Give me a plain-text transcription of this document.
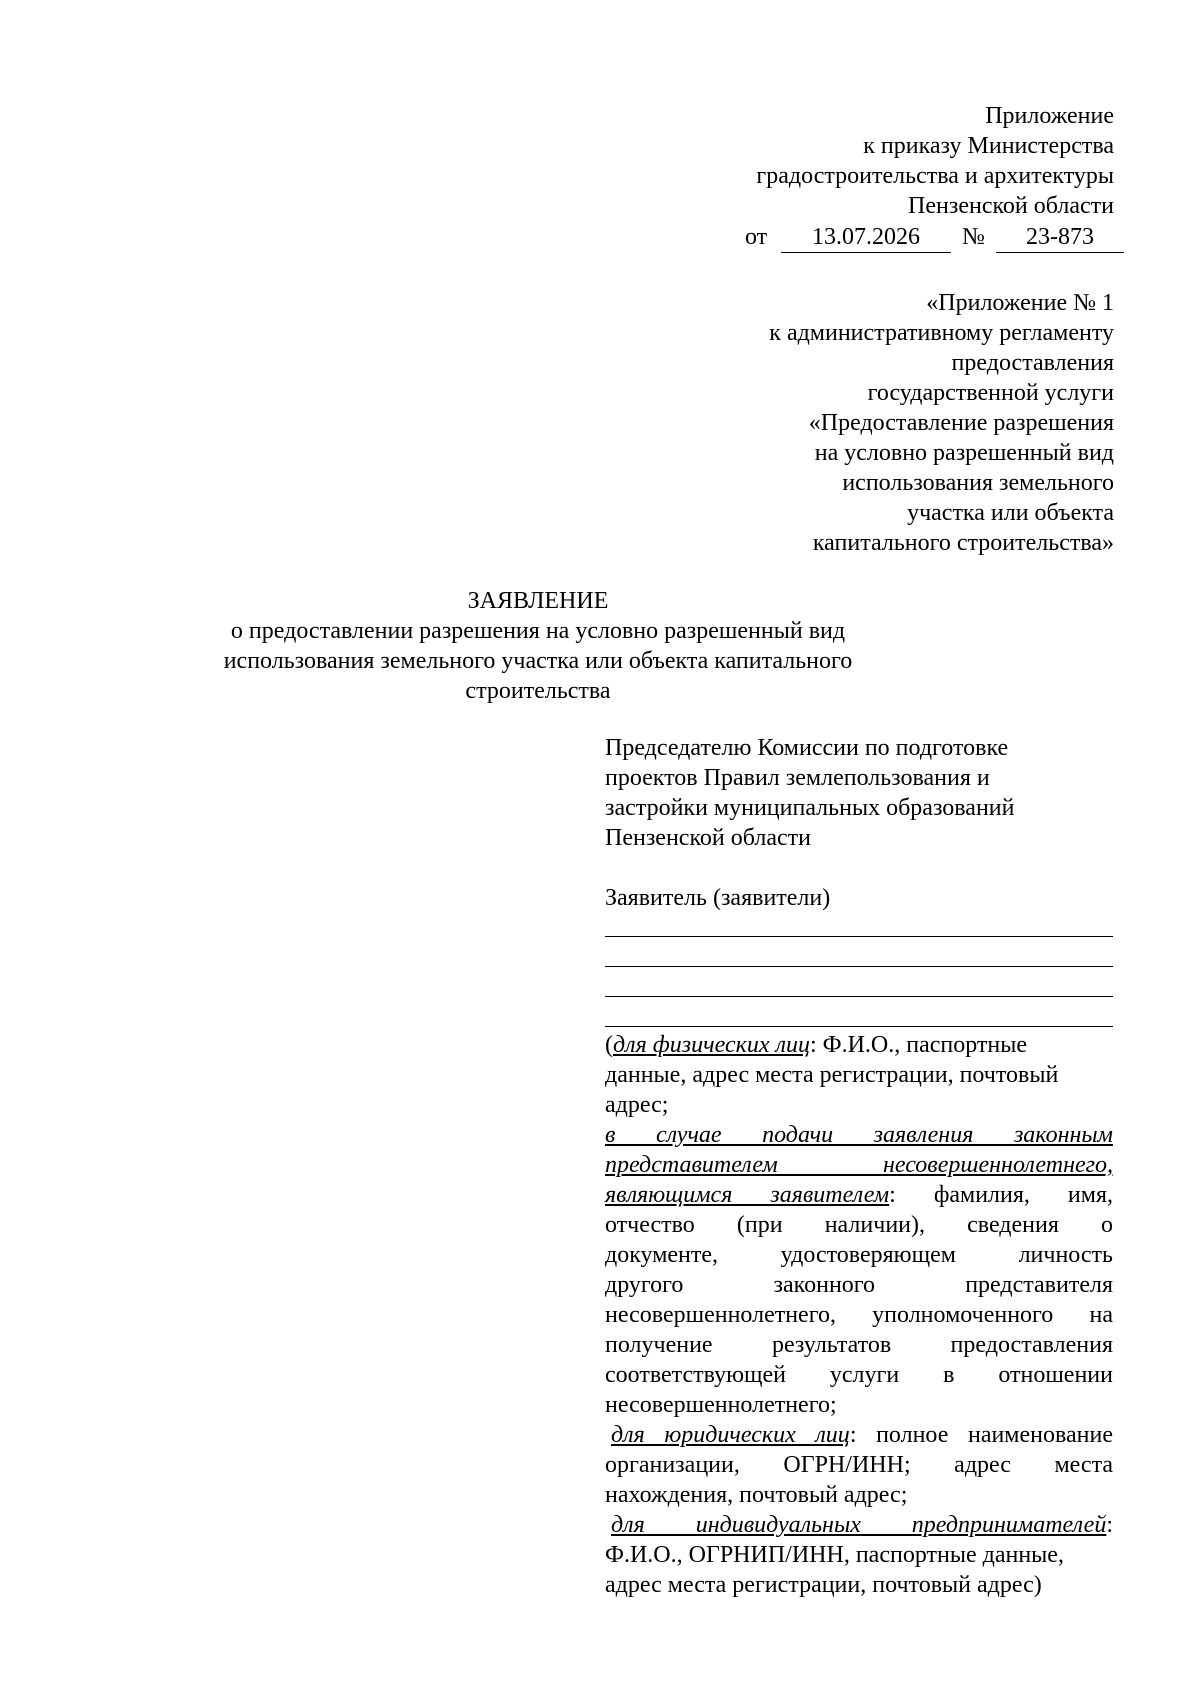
Приложение
к приказу Министерства
градостроительства и архитектуры
Пензенской области
от	13.07.2026	№	23-873
«Приложение № 1
к административному регламенту
предоставления
государственной услуги
«Предоставление разрешения
на условно разрешенный вид
использования земельного
участка или объекта
капитального строительства»
ЗАЯВЛЕНИЕ
о предоставлении разрешения на условно разрешенный вид
использования земельного участка или объекта капитального
строительства
Председателю Комиссии по подготовке
проектов Правил землепользования и
застройки муниципальных образований
Пензенской области
Заявитель (заявители)
(для физических лиц: Ф.И.О., паспортные
данные, адрес места регистрации, почтовый
адрес;
в случае подачи заявления законным
представителем несовершеннолетнего,
являющимся заявителем: фамилия, имя,
отчество (при наличии), сведения о
документе, удостоверяющем личность
другого законного представителя
несовершеннолетнего, уполномоченного на
получение результатов предоставления
соответствующей услуги в отношении
несовершеннолетнего;
для юридических лиц: полное наименование
организации, ОГРН/ИНН; адрес места
нахождения, почтовый адрес;
для индивидуальных предпринимателей:
Ф.И.О., ОГРНИП/ИНН, паспортные данные,
адрес места регистрации, почтовый адрес)
